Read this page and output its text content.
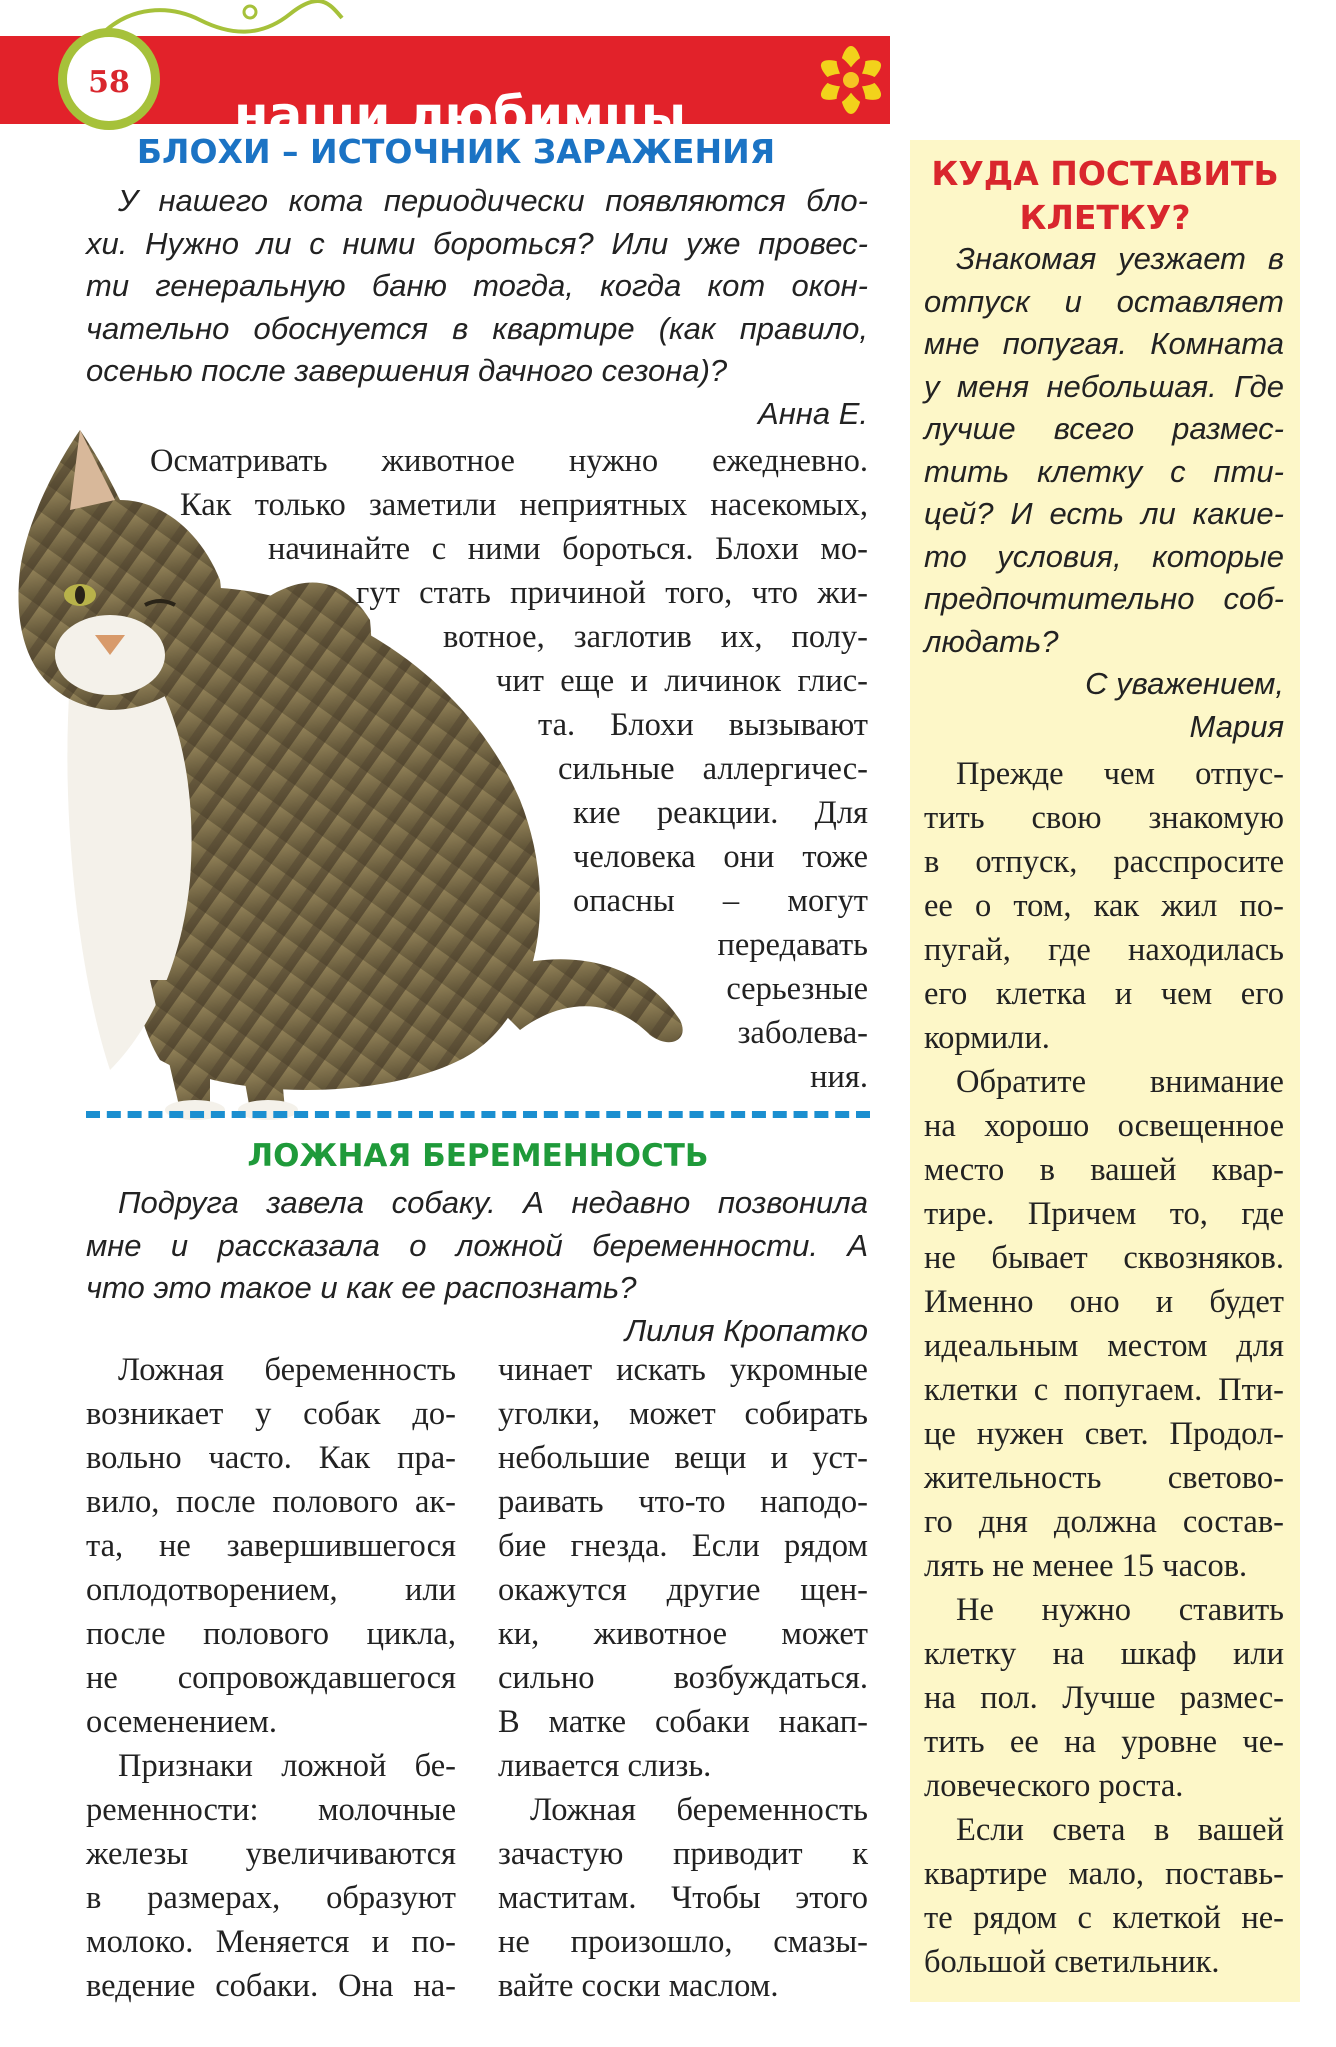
наши любимцы
58
БЛОХИ – ИСТОЧНИК ЗАРАЖЕНИЯ
У нашего кота периодически появляются бло-
хи. Нужно ли с ними бороться? Или уже провес-
ти генеральную баню тогда, когда кот окон-
чательно обоснуется в квартире (как правило,
осенью после завершения дачного сезона)?
Анна Е.
Осматривать животное нужно ежедневно.
Как только заметили неприятных насекомых,
начинайте с ними бороться. Блохи мо-
гут стать причиной того, что жи-
вотное, заглотив их, полу-
чит еще и личинок глис-
та. Блохи вызывают
сильные аллергичес-
кие реакции. Для
человека они тоже
опасны – могут
передавать
серьезные
заболева-
ния.
ЛОЖНАЯ БЕРЕМЕННОСТЬ
Подруга завела собаку. А недавно позвонила
мне и рассказала о ложной беременности. А
что это такое и как ее распознать?
Лилия Кропатко
Ложная беременность
возникает у собак до-
вольно часто. Как пра-
вило, после полового ак-
та, не завершившегося
оплодотворением, или
после полового цикла,
не сопровождавшегося
осеменением.
Признаки ложной бе-
ременности: молочные
железы увеличиваются
в размерах, образуют
молоко. Меняется и по-
ведение собаки. Она на-
чинает искать укромные
уголки, может собирать
небольшие вещи и уст-
раивать что-то наподо-
бие гнезда. Если рядом
окажутся другие щен-
ки, животное может
сильно возбуждаться.
В матке собаки накап-
ливается слизь.
Ложная беременность
зачастую приводит к
маститам. Чтобы этого
не произошло, смазы-
вайте соски маслом.
КУДА ПОСТАВИТЬ
КЛЕТКУ?
Знакомая уезжает в
отпуск и оставляет
мне попугая. Комната
у меня небольшая. Где
лучше всего размес-
тить клетку с пти-
цей? И есть ли какие-
то условия, которые
предпочтительно соб-
людать?
С уважением,
Мария
Прежде чем отпус-
тить свою знакомую
в отпуск, расспросите
ее о том, как жил по-
пугай, где находилась
его клетка и чем его
кормили.
Обратите внимание
на хорошо освещенное
место в вашей квар-
тире. Причем то, где
не бывает сквозняков.
Именно оно и будет
идеальным местом для
клетки с попугаем. Пти-
це нужен свет. Продол-
жительность светово-
го дня должна состав-
лять не менее 15 часов.
Не нужно ставить
клетку на шкаф или
на пол. Лучше размес-
тить ее на уровне че-
ловеческого роста.
Если света в вашей
квартире мало, поставь-
те рядом с клеткой не-
большой светильник.
